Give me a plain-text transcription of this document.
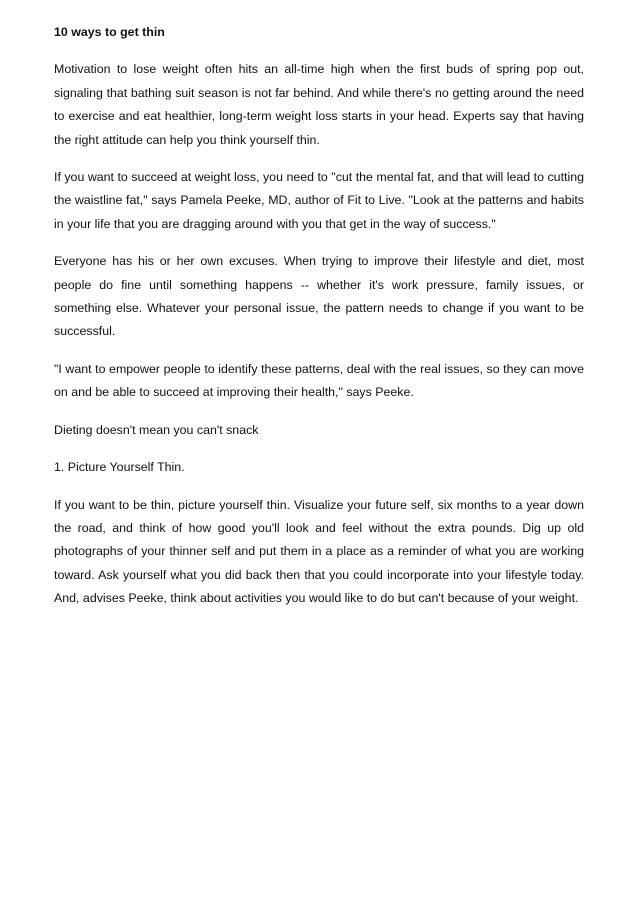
10 ways to get thin

Motivation to lose weight often hits an all-time high when the first buds of spring pop out, signaling that bathing suit season is not far behind. And while there's no getting around the need to exercise and eat healthier, long-term weight loss starts in your head. Experts say that having the right attitude can help you think yourself thin.

If you want to succeed at weight loss, you need to "cut the mental fat, and that will lead to cutting the waistline fat," says Pamela Peeke, MD, author of Fit to Live. "Look at the patterns and habits in your life that you are dragging around with you that get in the way of success."

Everyone has his or her own excuses. When trying to improve their lifestyle and diet, most people do fine until something happens -- whether it's work pressure, family issues, or something else. Whatever your personal issue, the pattern needs to change if you want to be successful.

"I want to empower people to identify these patterns, deal with the real issues, so they can move on and be able to succeed at improving their health," says Peeke.

Dieting doesn't mean you can't snack

1. Picture Yourself Thin.

If you want to be thin, picture yourself thin. Visualize your future self, six months to a year down the road, and think of how good you'll look and feel without the extra pounds. Dig up old photographs of your thinner self and put them in a place as a reminder of what you are working toward. Ask yourself what you did back then that you could incorporate into your lifestyle today. And, advises Peeke, think about activities you would like to do but can't because of your weight.
